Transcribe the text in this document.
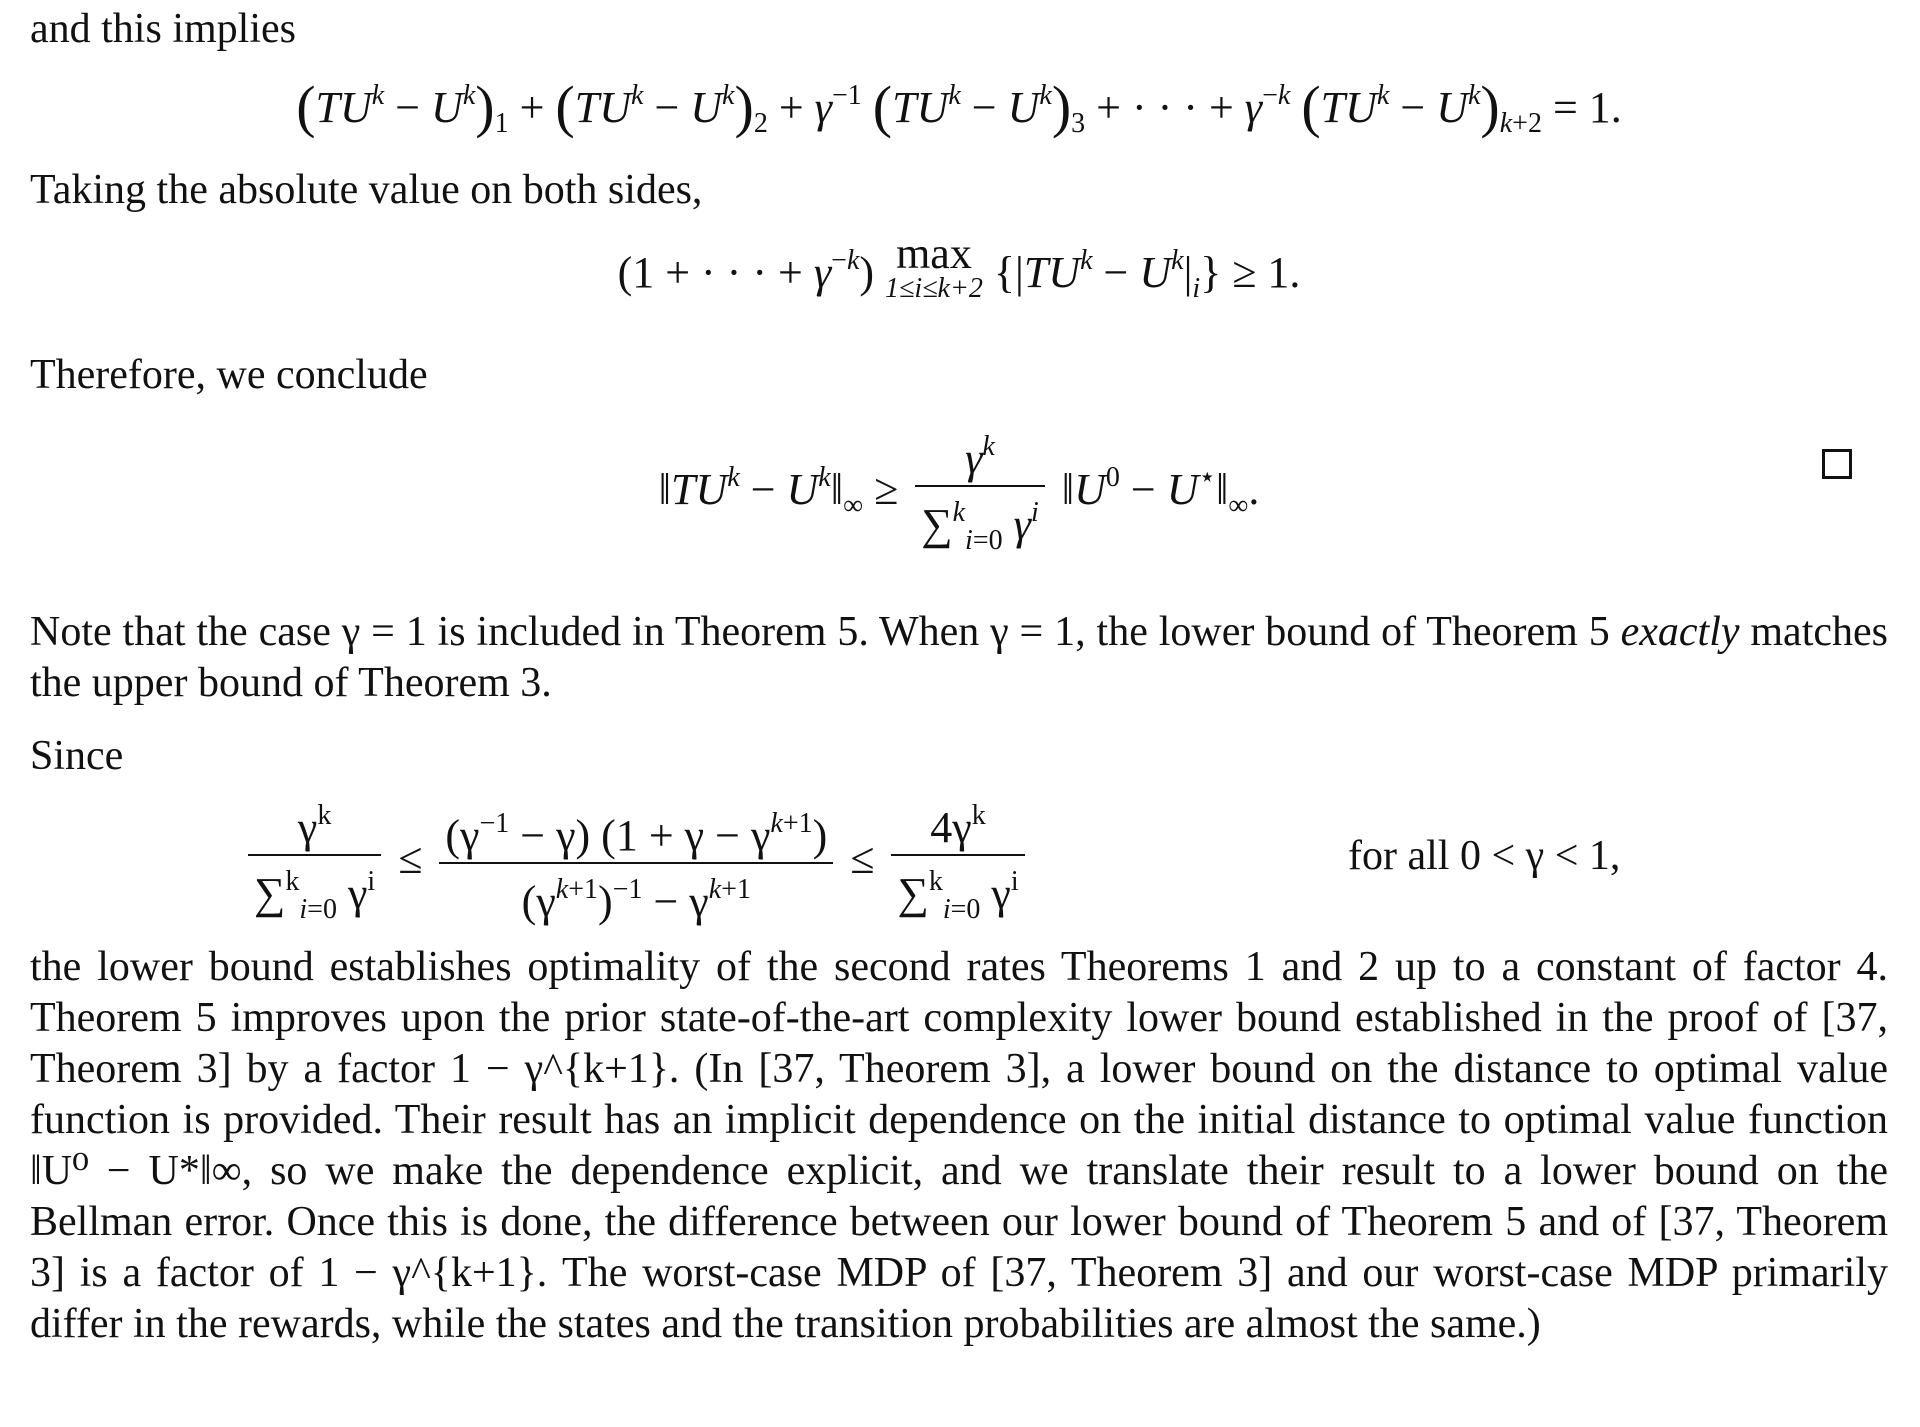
and this implies

$(TU^k - U^k)_1 + (TU^k - U^k)_2 + \gamma^{-1}$ $(TU^k - U^k)_3$ + · · · + $\gamma^{-k}$ $(TU^k - U^k)_{k+2} = 1$.

Taking the absolute value on both sides,

(1 + · · · + $\gamma^{-k}$) max
1≤i≤k+2 $\{|TU^k - U^k|_i\} \ge 1$.

Therefore, we conclude

$‖TU^k$ − $U^k‖_\infty \ge \frac{\gamma^k}{\sum^k_{i=0} \gamma^i}$ $‖U^0$ − $U^⋆‖_\infty$.

Note that the case γ = 1 is included in Theorem 5. When γ = 1, the lower bound of Theorem 5 exactly matches the upper bound of Theorem 3.

Since

$\frac{\gamma^k}{\sum^k_{i=0} \gamma^i} \le \frac{(\gamma^{-1} - \gamma) (1 + \gamma - \gamma^{k+1})}{(\gamma^{k+1})^{-1} - \gamma^{k+1}} \le \frac{4\gamma^k}{\sum^k_{i=0} \gamma^i}$	for all 0 < γ < 1,

the lower bound establishes optimality of the second rates Theorems 1 and 2 up to a constant of factor 4. Theorem 5 improves upon the prior state-of-the-art complexity lower bound established in the proof of [37, Theorem 3] by a factor 1 − γ^{k+1}. (In [37, Theorem 3], a lower bound on the distance to optimal value function is provided. Their result has an implicit dependence on the initial distance to optimal value function ‖U⁰ − U*‖∞, so we make the dependence explicit, and we translate their result to a lower bound on the Bellman error. Once this is done, the difference between our lower bound of Theorem 5 and of [37, Theorem 3] is a factor of 1 − γ^{k+1}. The worst-case MDP of [37, Theorem 3] and our worst-case MDP primarily differ in the rewards, while the states and the transition probabilities are almost the same.)
